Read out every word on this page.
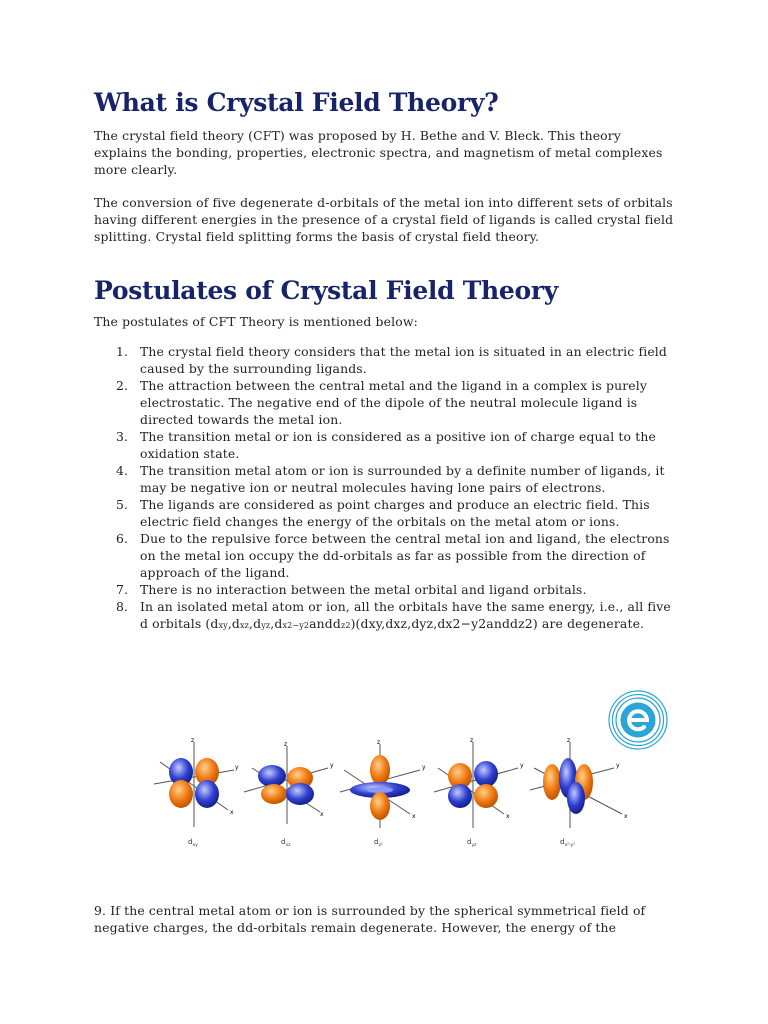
What is Crystal Field Theory?

The crystal field theory (CFT) was proposed by H. Bethe and V. Bleck. This theory explains the bonding, properties, electronic spectra, and magnetism of metal complexes more clearly.

The conversion of five degenerate d-orbitals of the metal ion into different sets of orbitals having different energies in the presence of a crystal field of ligands is called crystal field splitting. Crystal field splitting forms the basis of crystal field theory.

Postulates of Crystal Field Theory

The postulates of CFT Theory is mentioned below:

1. The crystal field theory considers that the metal ion is situated in an electric field caused by the surrounding ligands.
2. The attraction between the central metal and the ligand in a complex is purely electrostatic. The negative end of the dipole of the neutral molecule ligand is directed towards the metal ion.
3. The transition metal or ion is considered as a positive ion of charge equal to the oxidation state.
4. The transition metal atom or ion is surrounded by a definite number of ligands, it may be negative ion or neutral molecules having lone pairs of electrons.
5. The ligands are considered as point charges and produce an electric field. This electric field changes the energy of the orbitals on the metal atom or ions.
6. Due to the repulsive force between the central metal ion and ligand, the electrons on the metal ion occupy the dd-orbitals as far as possible from the direction of approach of the ligand.
7. There is no interaction between the metal orbital and ligand orbitals.
8. In an isolated metal atom or ion, all the orbitals have the same energy, i.e., all five d orbitals (dxy,dxz,dyz,dx2−y2anddz2)(dxy,dxz,dyz,dx2−y2anddz2) are degenerate.
z
y
x
z
y
x
z
y
x
z
y
x
z
y
x
$d_{xy}$	$d_{xz}$	$d_{z^2}$	$d_{yz}$	$d_{x^2-y^2}$

9. If the central metal atom or ion is surrounded by the spherical symmetrical field of negative charges, the dd-orbitals remain degenerate. However, the energy of the
